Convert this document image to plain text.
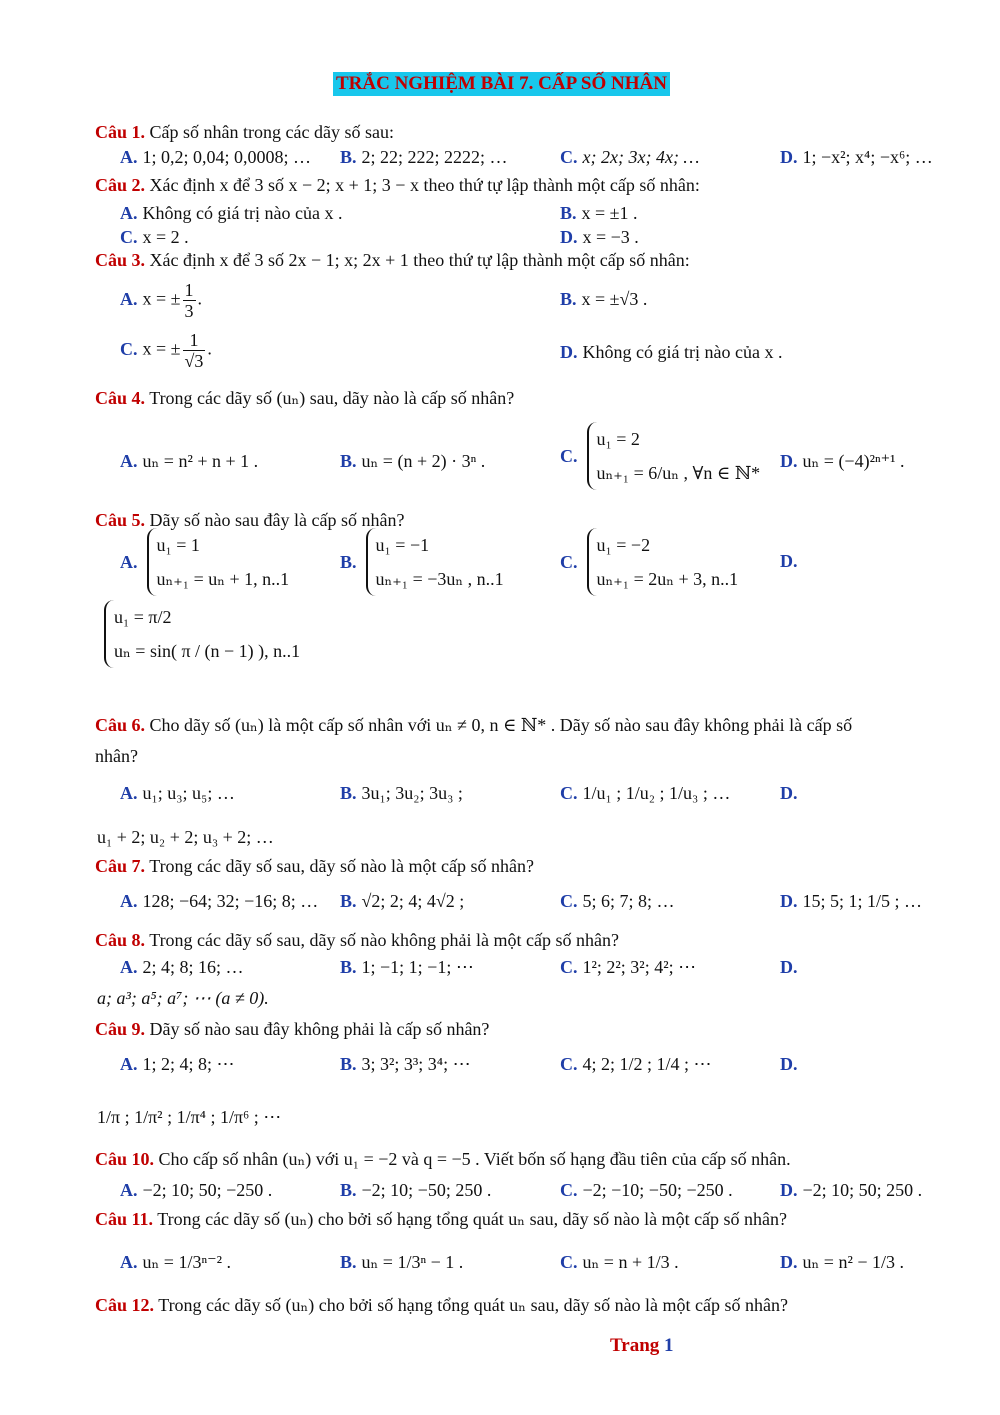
TRẮC NGHIỆM BÀI 7. CẤP SỐ NHÂN
Câu 1. Cấp số nhân trong các dãy số sau:
A. 1; 0,2; 0,04; 0,0008; … B. 2; 22; 222; 2222; …	C. x; 2x; 3x; 4x; …	D. 1; −x²; x⁴; −x⁶; …
Câu 2. Xác định x để 3 số x − 2; x + 1; 3 − x theo thứ tự lập thành một cấp số nhân:
A. Không có giá trị nào của x .	B. x = ±1 .
C. x = 2 .	D. x = −3 .
Câu 3. Xác định x để 3 số 2x − 1; x; 2x + 1 theo thứ tự lập thành một cấp số nhân:
A. x = ± $\frac{1}{3}$ .	B. x = ±√3 .
C. x = ± $\frac{1}{√3}$ .	D. Không có giá trị nào của x .
Câu 4. Trong các dãy số (uₙ) sau, dãy nào là cấp số nhân?
A. uₙ = n² + n + 1 .	B. uₙ = (n + 2) · 3ⁿ .	C.
u₁ = 2
uₙ₊₁ = 6/uₙ , ∀n ∈ ℕ*
D. uₙ = (−4)²ⁿ⁺¹ .
Câu 5. Dãy số nào sau đây là cấp số nhân?
A.
u₁ = 1
uₙ₊₁ = uₙ + 1, n..1
B.
u₁ = −1
uₙ₊₁ = −3uₙ , n..1
C.
u₁ = −2
uₙ₊₁ = 2uₙ + 3, n..1
D.
u₁ = π/2
uₙ = sin( π / (n − 1) ), n..1
Câu 6. Cho dãy số (uₙ) là một cấp số nhân với uₙ ≠ 0, n ∈ ℕ* . Dãy số nào sau đây không phải là cấp số
nhân?
A. u₁; u₃; u₅; …	B. 3u₁; 3u₂; 3u₃ ;	C. 1/u₁ ; 1/u₂ ; 1/u₃ ; …	D.
u₁ + 2; u₂ + 2; u₃ + 2; …
Câu 7. Trong các dãy số sau, dãy số nào là một cấp số nhân?
A. 128; −64; 32; −16; 8; … B. √2; 2; 4; 4√2 ;	C. 5; 6; 7; 8; …	D. 15; 5; 1; 1/5 ; …
Câu 8. Trong các dãy số sau, dãy số nào không phải là một cấp số nhân?
A. 2; 4; 8; 16; …	B. 1; −1; 1; −1; ⋯	C. 1²; 2²; 3²; 4²; ⋯	D.
a; a³; a⁵; a⁷; ⋯ (a ≠ 0).
Câu 9. Dãy số nào sau đây không phải là cấp số nhân?
A. 1; 2; 4; 8; ⋯	B. 3; 3²; 3³; 3⁴; ⋯	C. 4; 2; 1/2 ; 1/4 ; ⋯	D.
1/π ; 1/π² ; 1/π⁴ ; 1/π⁶ ; ⋯
Câu 10. Cho cấp số nhân (uₙ) với u₁ = −2 và q = −5 . Viết bốn số hạng đầu tiên của cấp số nhân.
A. −2; 10; 50; −250 .	B. −2; 10; −50; 250 .	C. −2; −10; −50; −250 .	D. −2; 10; 50; 250 .
Câu 11. Trong các dãy số (uₙ) cho bởi số hạng tổng quát uₙ sau, dãy số nào là một cấp số nhân?
A. uₙ = 1/3ⁿ⁻² .	B. uₙ = 1/3ⁿ − 1 .	C. uₙ = n + 1/3 .	D. uₙ = n² − 1/3 .
Câu 12. Trong các dãy số (uₙ) cho bởi số hạng tổng quát uₙ sau, dãy số nào là một cấp số nhân?
Trang 1
